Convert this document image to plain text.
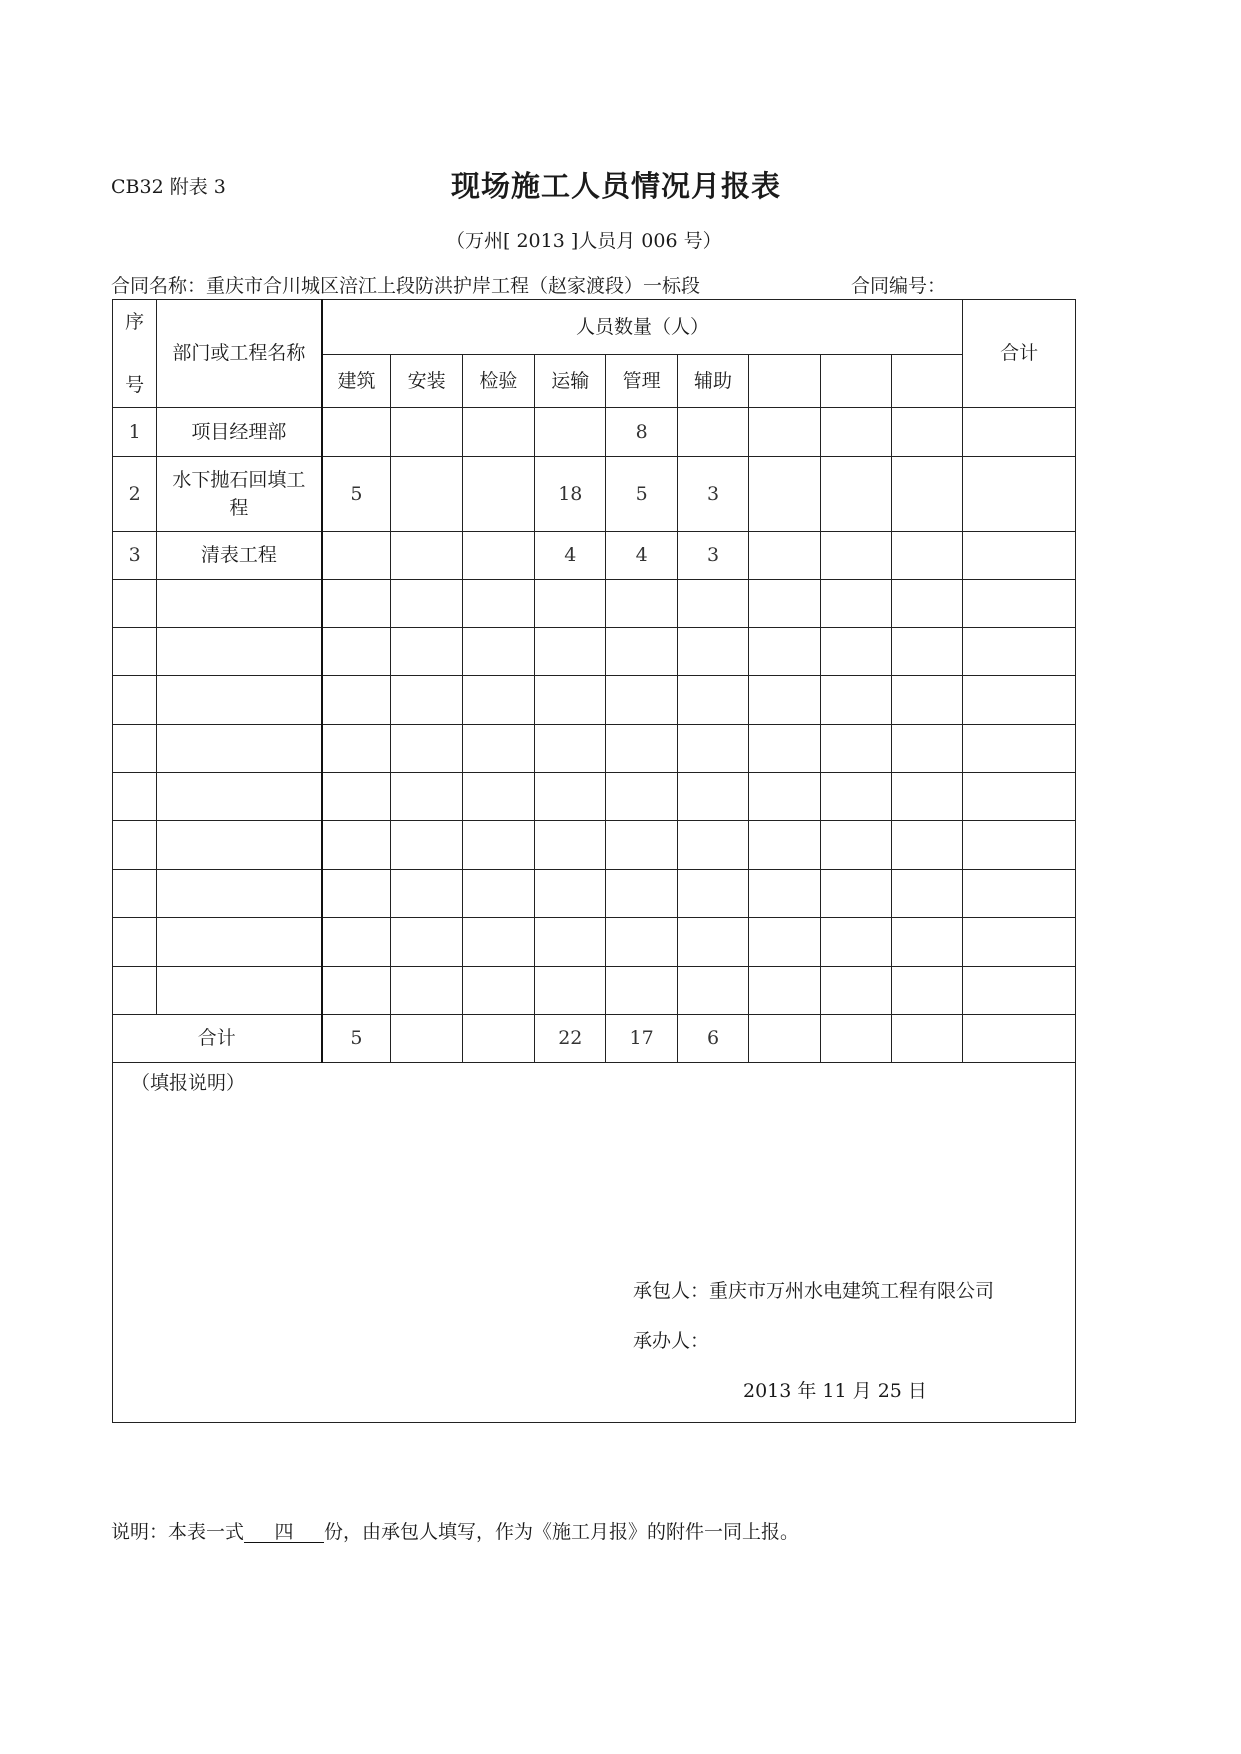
CB32 附表 3	现场施工人员情况月报表
（万州[ 2013 ]人员月 006 号）
合同名称：重庆市合川城区涪江上段防洪护岸工程（赵家渡段）一标段	合同编号：
序
号	部门或工程名称	人员数量（人）									合计
		建筑	安装	检验	运输	管理	辅助				
1	项目经理部					8					
2	水下抛石回填工程	5			18	5	3				
3	清表工程				4	4	3				

合计		5			22	17	6				

（填报说明）
承包人：重庆市万州水电建筑工程有限公司
承办人：
2013 年 11 月 25 日											
说明：本表一式 四 份，由承包人填写，作为《施工月报》的附件一同上报。
